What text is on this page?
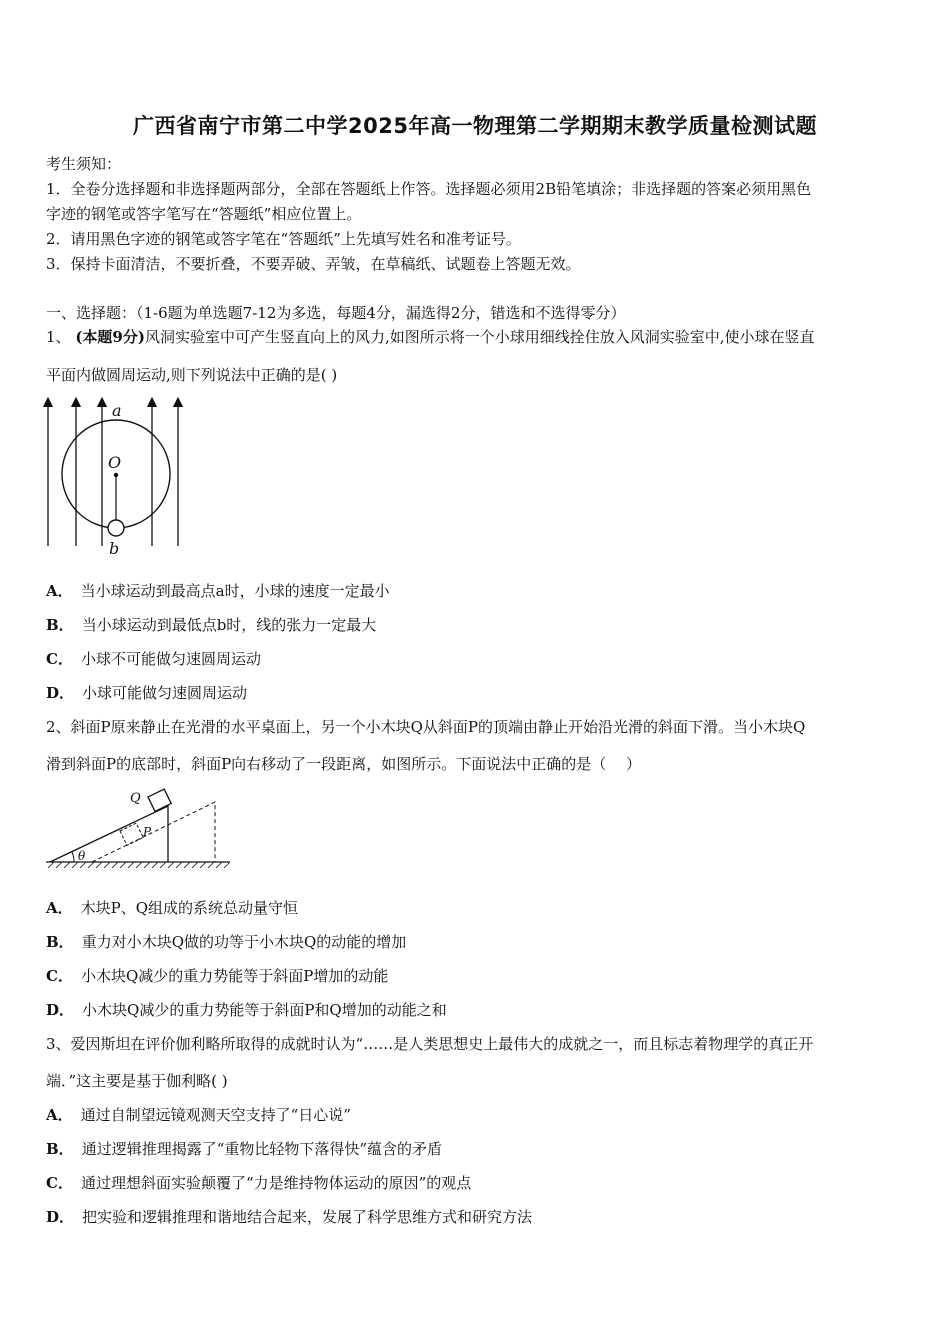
广西省南宁市第二中学2025年高一物理第二学期期末教学质量检测试题
考生须知：
1．全卷分选择题和非选择题两部分，全部在答题纸上作答。选择题必须用2B铅笔填涂；非选择题的答案必须用黑色
字迹的钢笔或答字笔写在“答题纸”相应位置上。
2．请用黑色字迹的钢笔或答字笔在“答题纸”上先填写姓名和准考证号。
3．保持卡面清洁，不要折叠，不要弄破、弄皱，在草稿纸、试题卷上答题无效。
一、选择题：（1-6题为单选题7-12为多选，每题4分，漏选得2分，错选和不选得零分）
1、 (本题9分)风洞实验室中可产生竖直向上的风力,如图所示将一个小球用细线拴住放入风洞实验室中,使小球在竖直
平面内做圆周运动,则下列说法中正确的是( )
a
O
b
A． 当小球运动到最高点a时，小球的速度一定最小
B． 当小球运动到最低点b时，线的张力一定最大
C． 小球不可能做匀速圆周运动
D． 小球可能做匀速圆周运动
2、斜面P原来静止在光滑的水平桌面上，另一个小木块Q从斜面P的顶端由静止开始沿光滑的斜面下滑。当小木块Q
滑到斜面P的底部时，斜面P向右移动了一段距离，如图所示。下面说法中正确的是（　 ）
Q
P
θ
A． 木块P、Q组成的系统总动量守恒
B． 重力对小木块Q做的功等于小木块Q的动能的增加
C． 小木块Q减少的重力势能等于斜面P增加的动能
D． 小木块Q减少的重力势能等于斜面P和Q增加的动能之和
3、爱因斯坦在评价伽利略所取得的成就时认为“……是人类思想史上最伟大的成就之一，而且标志着物理学的真正开
端．”这主要是基于伽利略( )
A． 通过自制望远镜观测天空支持了“日心说”
B． 通过逻辑推理揭露了“重物比轻物下落得快”蕴含的矛盾
C． 通过理想斜面实验颠覆了“力是维持物体运动的原因”的观点
D． 把实验和逻辑推理和谐地结合起来，发展了科学思维方式和研究方法
